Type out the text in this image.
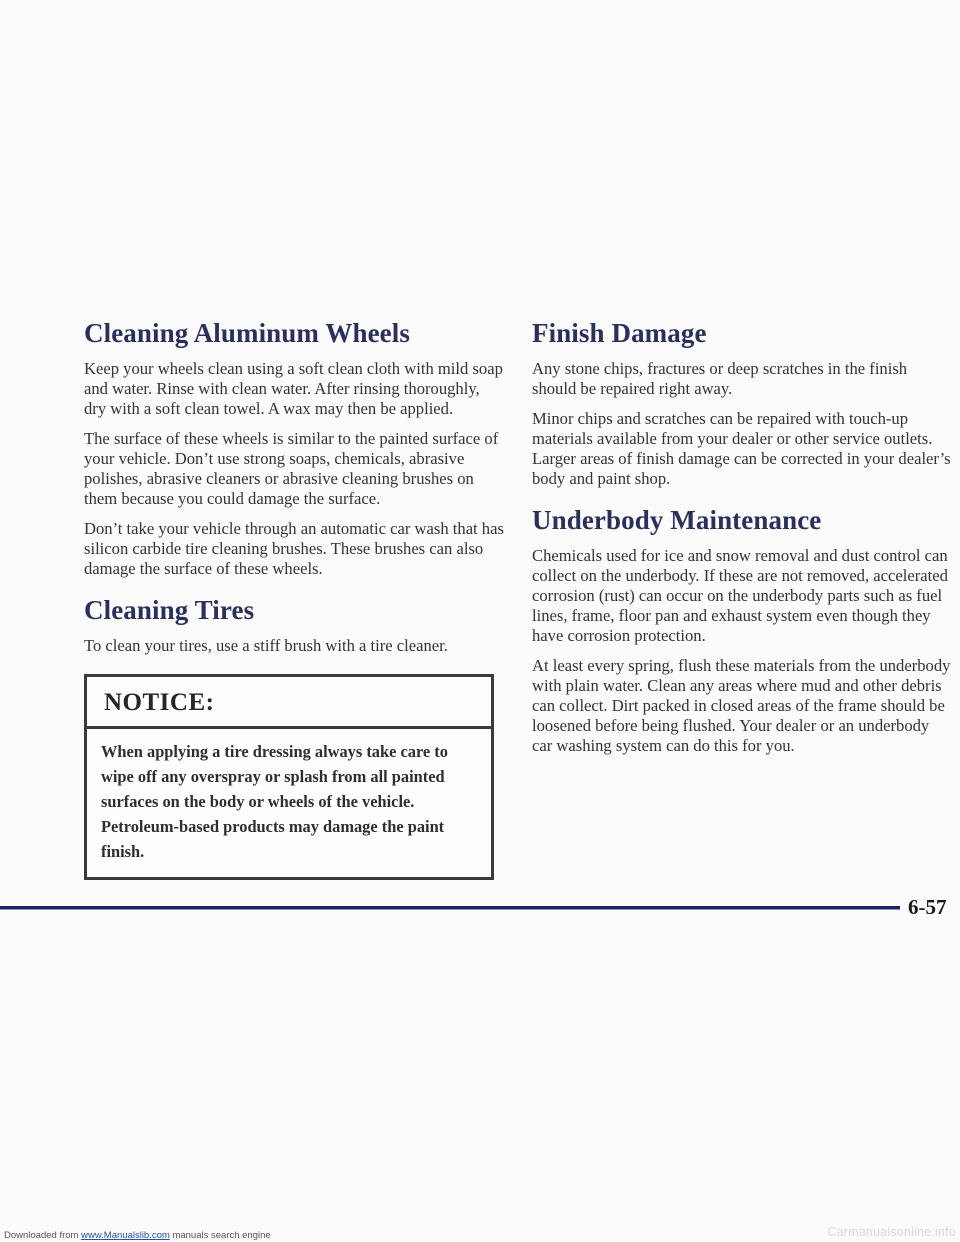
Cleaning Aluminum Wheels

Keep your wheels clean using a soft clean cloth with mild soap and water. Rinse with clean water. After rinsing thoroughly, dry with a soft clean towel. A wax may then be applied.

The surface of these wheels is similar to the painted surface of your vehicle. Don’t use strong soaps, chemicals, abrasive polishes, abrasive cleaners or abrasive cleaning brushes on them because you could damage the surface.

Don’t take your vehicle through an automatic car wash that has silicon carbide tire cleaning brushes. These brushes can also damage the surface of these wheels.

Cleaning Tires

To clean your tires, use a stiff brush with a tire cleaner.

NOTICE:
When applying a tire dressing always take care to wipe off any overspray or splash from all painted surfaces on the body or wheels of the vehicle. Petroleum-based products may damage the paint finish.
Finish Damage

Any stone chips, fractures or deep scratches in the finish should be repaired right away.

Minor chips and scratches can be repaired with touch-up materials available from your dealer or other service outlets. Larger areas of finish damage can be corrected in your dealer’s body and paint shop.

Underbody Maintenance

Chemicals used for ice and snow removal and dust control can collect on the underbody. If these are not removed, accelerated corrosion (rust) can occur on the underbody parts such as fuel lines, frame, floor pan and exhaust system even though they have corrosion protection.

At least every spring, flush these materials from the underbody with plain water. Clean any areas where mud and other debris can collect. Dirt packed in closed areas of the frame should be loosened before being flushed. Your dealer or an underbody car washing system can do this for you.

6-57
Downloaded from www.Manualslib.com manuals search engine	Carmanualsonline.info
